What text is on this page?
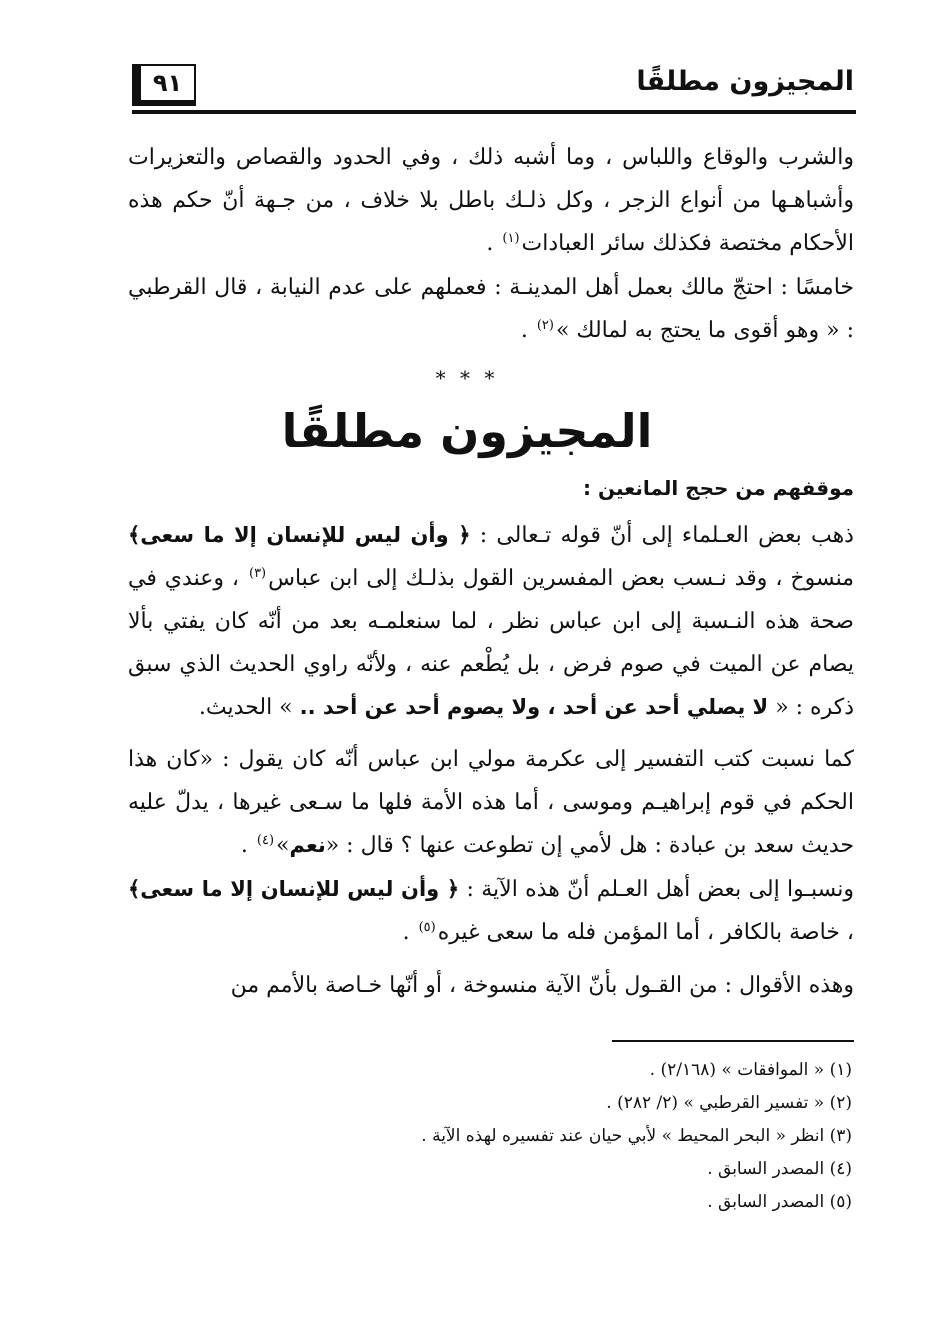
المجيزون مطلقًا
٩١

والشرب والوقاع واللباس ، وما أشبه ذلك ، وفي الحدود والقصاص والتعزيرات وأشباهـها من أنواع الزجر ، وكل ذلـك باطل بلا خلاف ، من جـهة أنّ حكم هذه الأحكام مختصة فكذلك سائر العبادات$^{(١)}$ .

خامسًا : احتجّ مالك بعمل أهل المدينـة : فعملهم على عدم النيابة ، قال القرطبي : « وهو أقوى ما يحتج به لمالك »$^{(٢)}$ .

* * *
المجيزون مطلقًا
موقفهم من حجج المانعين :

ذهب بعض العـلماء إلى أنّ قوله تـعالى : ﴿ وأن ليس للإنسان إلا ما سعى﴾ منسوخ ، وقد نـسب بعض المفسرين القول بذلـك إلى ابن عباس$^{(٣)}$ ، وعندي في صحة هذه النـسبة إلى ابن عباس نظر ، لما سنعلمـه بعد من أنّه كان يفتي بألا يصام عن الميت في صوم فرض ، بل يُطْعم عنه ، ولأنّه راوي الحديث الذي سبق ذكره : « لا يصلي أحد عن أحد ، ولا يصوم أحد عن أحد .. » الحديث.

كما نسبت كتب التفسير إلى عكرمة مولي ابن عباس أنّه كان يقول : «كان هذا الحكم في قوم إبراهيـم وموسى ، أما هذه الأمة فلها ما سـعى غيرها ، يدلّ عليه حديث سعد بن عبادة : هل لأمي إن تطوعت عنها ؟ قال : «نعم»$^{(٤)}$ .

ونسبـوا إلى بعض أهل العـلم أنّ هذه الآية : ﴿ وأن ليس للإنسان إلا ما سعى﴾ ، خاصة بالكافر ، أما المؤمن فله ما سعى غيره$^{(٥)}$ .

وهذه الأقوال : من القـول بأنّ الآية منسوخة ، أو أنّها خـاصة بالأمم من

(١) « الموافقات » (٢/١٦٨) .
(٢) « تفسير القرطبي » (٢/ ٢٨٢) .
(٣) انظر « البحر المحيط » لأبي حيان عند تفسيره لهذه الآية .
(٤) المصدر السابق .
(٥) المصدر السابق .
